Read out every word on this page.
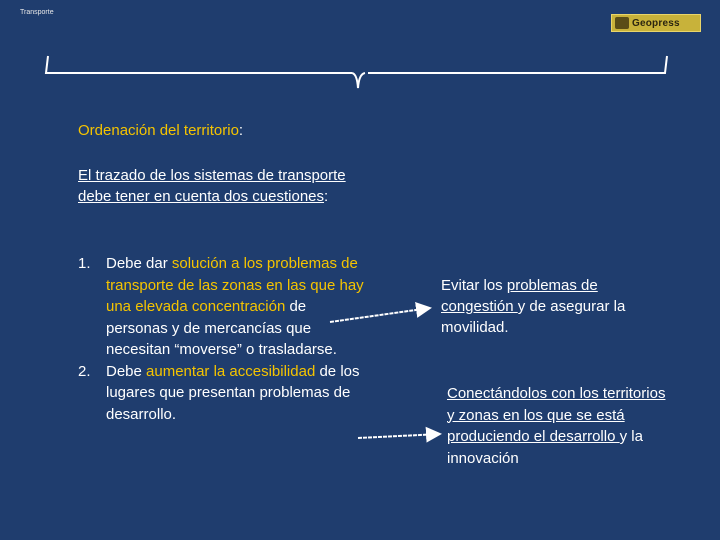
Transporte
Geopress
Ordenación del territorio:
El trazado de los sistemas de transporte debe tener en cuenta dos cuestiones:
1.	Debe dar solución a los problemas de transporte de las zonas en las que hay una elevada concentración de personas y de mercancías que necesitan “moverse” o trasladarse.
2.	Debe aumentar la accesibilidad de los lugares que presentan problemas de desarrollo.
Evitar los problemas de congestión y de asegurar la movilidad.
Conectándolos con los territorios y zonas en los que se está produciendo el desarrollo y la innovación
